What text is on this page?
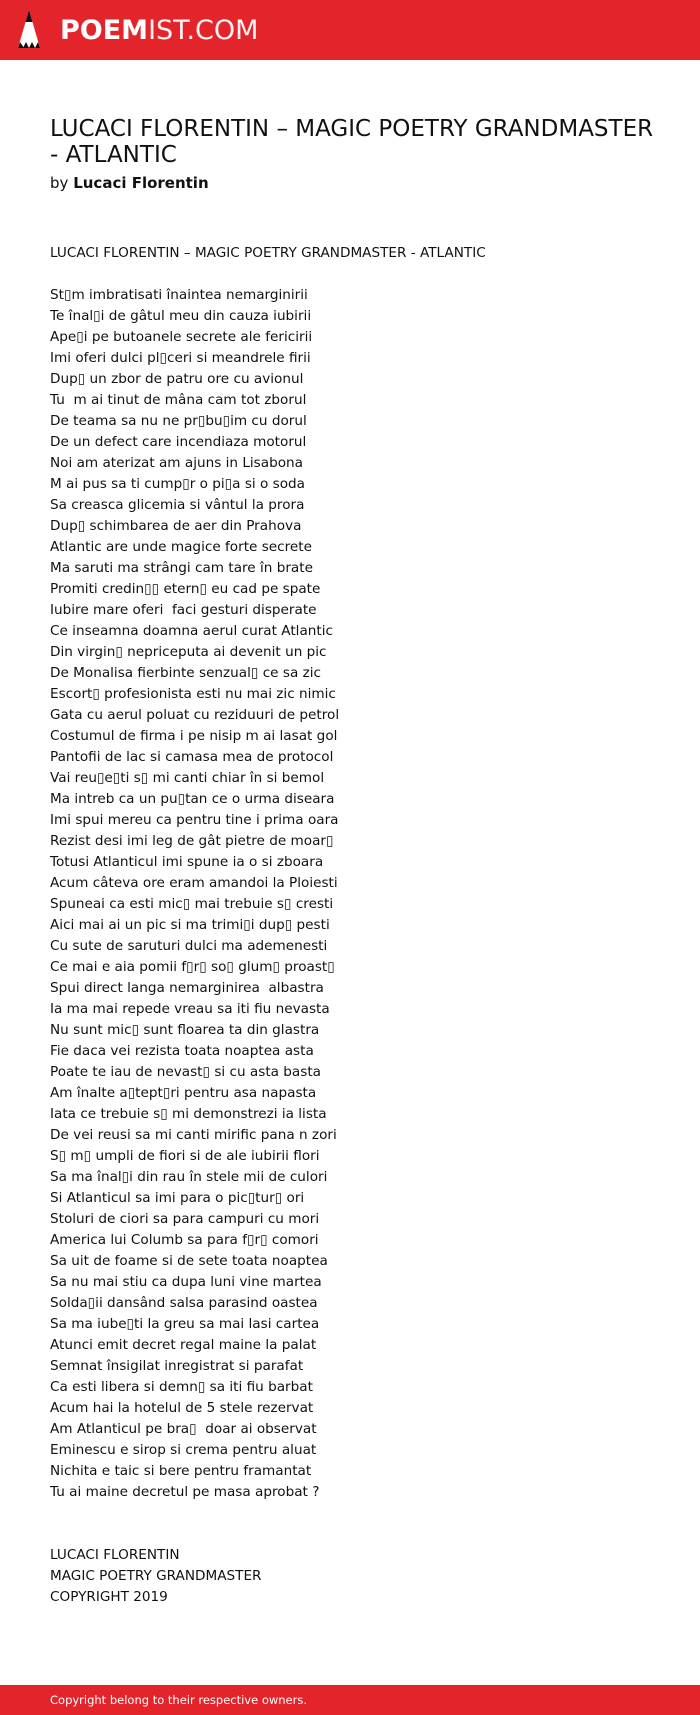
POEMIST.COM
LUCACI FLORENTIN – MAGIC POETRY GRANDMASTER - ATLANTIC
by Lucaci Florentin
LUCACI FLORENTIN – MAGIC POETRY GRANDMASTER - ATLANTIC
St▯m imbratisati înaintea nemarginirii
Te înal▯i de gâtul meu din cauza iubirii
Ape▯i pe butoanele secrete ale fericirii
Imi oferi dulci pl▯ceri si meandrele firii
Dup▯ un zbor de patru ore cu avionul
Tu  m ai tinut de mâna cam tot zborul
De teama sa nu ne pr▯bu▯im cu dorul
De un defect care incendiaza motorul
Noi am aterizat am ajuns in Lisabona
M ai pus sa ti cump▯r o pi▯a si o soda
Sa creasca glicemia si vântul la prora
Dup▯ schimbarea de aer din Prahova
Atlantic are unde magice forte secrete
Ma saruti ma strângi cam tare în brate
Promiti credin▯▯ etern▯ eu cad pe spate
Iubire mare oferi  faci gesturi disperate
Ce inseamna doamna aerul curat Atlantic
Din virgin▯ nepriceputa ai devenit un pic
De Monalisa fierbinte senzual▯ ce sa zic
Escort▯ profesionista esti nu mai zic nimic
Gata cu aerul poluat cu reziduuri de petrol
Costumul de firma i pe nisip m ai lasat gol
Pantofii de lac si camasa mea de protocol
Vai reu▯e▯ti s▯ mi canti chiar în si bemol
Ma intreb ca un pu▯tan ce o urma diseara
Imi spui mereu ca pentru tine i prima oara
Rezist desi imi leg de gât pietre de moar▯
Totusi Atlanticul imi spune ia o si zboara
Acum câteva ore eram amandoi la Ploiesti
Spuneai ca esti mic▯ mai trebuie s▯ cresti
Aici mai ai un pic si ma trimi▯i dup▯ pesti
Cu sute de saruturi dulci ma ademenesti
Ce mai e aia pomii f▯r▯ so▯ glum▯ proast▯
Spui direct langa nemarginirea  albastra
Ia ma mai repede vreau sa iti fiu nevasta
Nu sunt mic▯ sunt floarea ta din glastra
Fie daca vei rezista toata noaptea asta
Poate te iau de nevast▯ si cu asta basta
Am înalte a▯tept▯ri pentru asa napasta
Iata ce trebuie s▯ mi demonstrezi ia lista
De vei reusi sa mi canti mirific pana n zori
S▯ m▯ umpli de fiori si de ale iubirii flori
Sa ma înal▯i din rau în stele mii de culori
Si Atlanticul sa imi para o pic▯tur▯ ori
Stoluri de ciori sa para campuri cu mori
America lui Columb sa para f▯r▯ comori
Sa uit de foame si de sete toata noaptea
Sa nu mai stiu ca dupa luni vine martea
Solda▯ii dansând salsa parasind oastea
Sa ma iube▯ti la greu sa mai lasi cartea
Atunci emit decret regal maine la palat
Semnat însigilat inregistrat si parafat
Ca esti libera si demn▯ sa iti fiu barbat
Acum hai la hotelul de 5 stele rezervat
Am Atlanticul pe bra▯  doar ai observat
Eminescu e sirop si crema pentru aluat
Nichita e taic si bere pentru framantat
Tu ai maine decretul pe masa aprobat ?
LUCACI FLORENTIN
MAGIC POETRY GRANDMASTER
COPYRIGHT 2019
Copyright belong to their respective owners.
